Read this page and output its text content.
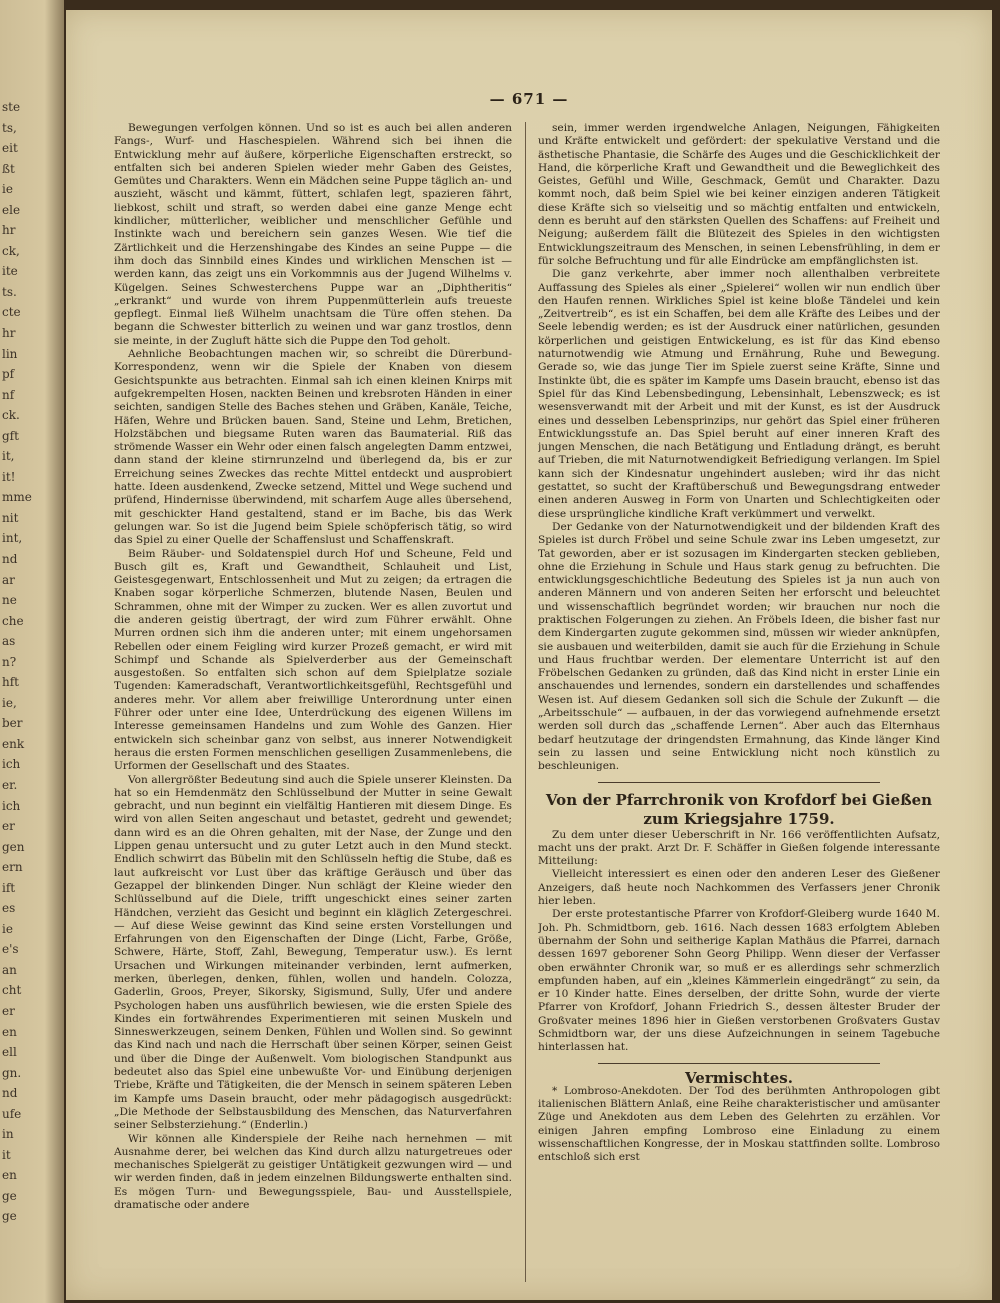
ste
ts,
eit
ßt
ie
ele
hr
ck,
ite
ts.
cte
hr
lin
pf
nf
ck.
gft
it,
it!
mme
nit
int,
nd
ar
ne
che
as
n?
hft
ie,
ber
enk
ich
er.
ich
er
gen
ern
ift
es
ie
e's
an
cht
er
en
ell
gn.
nd
ufe
in
it
en
ge
ge
— 671 —

Bewegungen verfolgen können. Und so ist es auch bei allen anderen Fangs-, Wurf- und Haschespielen. Während sich bei ihnen die Entwicklung mehr auf äußere, körperliche Eigenschaften erstreckt, so entfalten sich bei anderen Spielen wieder mehr Gaben des Geistes, Gemütes und Charakters. Wenn ein Mädchen seine Puppe täglich an- und auszieht, wäscht und kämmt, füttert, schlafen legt, spazieren fährt, liebkost, schilt und straft, so werden dabei eine ganze Menge echt kindlicher, mütterlicher, weiblicher und menschlicher Gefühle und Instinkte wach und bereichern sein ganzes Wesen. Wie tief die Zärtlichkeit und die Herzenshingabe des Kindes an seine Puppe — die ihm doch das Sinnbild eines Kindes und wirklichen Menschen ist — werden kann, das zeigt uns ein Vorkommnis aus der Jugend Wilhelms v. Kügelgen. Seines Schwesterchens Puppe war an „Diphtheritis“ „erkrankt“ und wurde von ihrem Puppenmütterlein aufs treueste gepflegt. Einmal ließ Wilhelm unachtsam die Türe offen stehen. Da begann die Schwester bitterlich zu weinen und war ganz trostlos, denn sie meinte, in der Zugluft hätte sich die Puppe den Tod geholt.

Aehnliche Beobachtungen machen wir, so schreibt die Dürerbund-Korrespondenz, wenn wir die Spiele der Knaben von diesem Gesichtspunkte aus betrachten. Einmal sah ich einen kleinen Knirps mit aufgekrempelten Hosen, nackten Beinen und krebsroten Händen in einer seichten, sandigen Stelle des Baches stehen und Gräben, Kanäle, Teiche, Häfen, Wehre und Brücken bauen. Sand, Steine und Lehm, Bretichen, Holzstäbchen und biegsame Ruten waren das Baumaterial. Riß das strömende Wasser ein Wehr oder einen falsch angelegten Damm entzwei, dann stand der kleine stirnrunzelnd und überlegend da, bis er zur Erreichung seines Zweckes das rechte Mittel entdeckt und ausprobiert hatte. Ideen ausdenkend, Zwecke setzend, Mittel und Wege suchend und prüfend, Hindernisse überwindend, mit scharfem Auge alles übersehend, mit geschickter Hand gestaltend, stand er im Bache, bis das Werk gelungen war. So ist die Jugend beim Spiele schöpferisch tätig, so wird das Spiel zu einer Quelle der Schaffenslust und Schaffenskraft.

Beim Räuber- und Soldatenspiel durch Hof und Scheune, Feld und Busch gilt es, Kraft und Gewandtheit, Schlauheit und List, Geistesgegenwart, Entschlossenheit und Mut zu zeigen; da ertragen die Knaben sogar körperliche Schmerzen, blutende Nasen, Beulen und Schrammen, ohne mit der Wimper zu zucken. Wer es allen zuvortut und die anderen geistig übertragt, der wird zum Führer erwählt. Ohne Murren ordnen sich ihm die anderen unter; mit einem ungehorsamen Rebellen oder einem Feigling wird kurzer Prozeß gemacht, er wird mit Schimpf und Schande als Spielverderber aus der Gemeinschaft ausgestoßen. So entfalten sich schon auf dem Spielplatze soziale Tugenden: Kameradschaft, Verantwortlichkeitsgefühl, Rechtsgefühl und anderes mehr. Vor allem aber freiwillige Unterordnung unter einen Führer oder unter eine Idee, Unterdrückung des eigenen Willens im Interesse gemeinsamen Handelns und zum Wohle des Ganzen. Hier entwickeln sich scheinbar ganz von selbst, aus innerer Notwendigkeit heraus die ersten Formen menschlichen geselligen Zusammenlebens, die Urformen der Gesellschaft und des Staates.

Von allergrößter Bedeutung sind auch die Spiele unserer Kleinsten. Da hat so ein Hemdenmätz den Schlüsselbund der Mutter in seine Gewalt gebracht, und nun beginnt ein vielfältig Hantieren mit diesem Dinge. Es wird von allen Seiten angeschaut und betastet, gedreht und gewendet; dann wird es an die Ohren gehalten, mit der Nase, der Zunge und den Lippen genau untersucht und zu guter Letzt auch in den Mund steckt. Endlich schwirrt das Bübelin mit den Schlüsseln heftig die Stube, daß es laut aufkreischt vor Lust über das kräftige Geräusch und über das Gezappel der blinkenden Dinger. Nun schlägt der Kleine wieder den Schlüsselbund auf die Diele, trifft ungeschickt eines seiner zarten Händchen, verzieht das Gesicht und beginnt ein kläglich Zetergeschrei. — Auf diese Weise gewinnt das Kind seine ersten Vorstellungen und Erfahrungen von den Eigenschaften der Dinge (Licht, Farbe, Größe, Schwere, Härte, Stoff, Zahl, Bewegung, Temperatur usw.). Es lernt Ursachen und Wirkungen miteinander verbinden, lernt aufmerken, merken, überlegen, denken, fühlen, wollen und handeln. Colozza, Gaderlin, Groos, Preyer, Sikorsky, Sigismund, Sully, Ufer und andere Psychologen haben uns ausführlich bewiesen, wie die ersten Spiele des Kindes ein fortwährendes Experimentieren mit seinen Muskeln und Sinneswerkzeugen, seinem Denken, Fühlen und Wollen sind. So gewinnt das Kind nach und nach die Herrschaft über seinen Körper, seinen Geist und über die Dinge der Außenwelt. Vom biologischen Standpunkt aus bedeutet also das Spiel eine unbewußte Vor- und Einübung derjenigen Triebe, Kräfte und Tätigkeiten, die der Mensch in seinem späteren Leben im Kampfe ums Dasein braucht, oder mehr pädagogisch ausgedrückt: „Die Methode der Selbstausbildung des Menschen, das Naturverfahren seiner Selbsterziehung.“ (Enderlin.)

Wir können alle Kinderspiele der Reihe nach hernehmen — mit Ausnahme derer, bei welchen das Kind durch allzu naturgetreues oder mechanisches Spielgerät zu geistiger Untätigkeit gezwungen wird — und wir werden finden, daß in jedem einzelnen Bildungswerte enthalten sind. Es mögen Turn- und Bewegungsspiele, Bau- und Ausstellspiele, dramatische oder andere

sein, immer werden irgendwelche Anlagen, Neigungen, Fähigkeiten und Kräfte entwickelt und gefördert: der spekulative Verstand und die ästhetische Phantasie, die Schärfe des Auges und die Geschicklichkeit der Hand, die körperliche Kraft und Gewandtheit und die Beweglichkeit des Geistes, Gefühl und Wille, Geschmack, Gemüt und Charakter. Dazu kommt noch, daß beim Spiel wie bei keiner einzigen anderen Tätigkeit diese Kräfte sich so vielseitig und so mächtig entfalten und entwickeln, denn es beruht auf den stärksten Quellen des Schaffens: auf Freiheit und Neigung; außerdem fällt die Blütezeit des Spieles in den wichtigsten Entwicklungszeitraum des Menschen, in seinen Lebensfrühling, in dem er für solche Befruchtung und für alle Eindrücke am empfänglichsten ist.

Die ganz verkehrte, aber immer noch allenthalben verbreitete Auffassung des Spieles als einer „Spielerei“ wollen wir nun endlich über den Haufen rennen. Wirkliches Spiel ist keine bloße Tändelei und kein „Zeitvertreib“, es ist ein Schaffen, bei dem alle Kräfte des Leibes und der Seele lebendig werden; es ist der Ausdruck einer natürlichen, gesunden körperlichen und geistigen Entwickelung, es ist für das Kind ebenso naturnotwendig wie Atmung und Ernährung, Ruhe und Bewegung. Gerade so, wie das junge Tier im Spiele zuerst seine Kräfte, Sinne und Instinkte übt, die es später im Kampfe ums Dasein braucht, ebenso ist das Spiel für das Kind Lebensbedingung, Lebensinhalt, Lebenszweck; es ist wesensverwandt mit der Arbeit und mit der Kunst, es ist der Ausdruck eines und desselben Lebensprinzips, nur gehört das Spiel einer früheren Entwicklungsstufe an. Das Spiel beruht auf einer inneren Kraft des jungen Menschen, die nach Betätigung und Entladung drängt, es beruht auf Trieben, die mit Naturnotwendigkeit Befriedigung verlangen. Im Spiel kann sich der Kindesnatur ungehindert ausleben; wird ihr das nicht gestattet, so sucht der Kraftüberschuß und Bewegungsdrang entweder einen anderen Ausweg in Form von Unarten und Schlechtigkeiten oder diese ursprüngliche kindliche Kraft verkümmert und verwelkt.

Der Gedanke von der Naturnotwendigkeit und der bildenden Kraft des Spieles ist durch Fröbel und seine Schule zwar ins Leben umgesetzt, zur Tat geworden, aber er ist sozusagen im Kindergarten stecken geblieben, ohne die Erziehung in Schule und Haus stark genug zu befruchten. Die entwicklungsgeschichtliche Bedeutung des Spieles ist ja nun auch von anderen Männern und von anderen Seiten her erforscht und beleuchtet und wissenschaftlich begründet worden; wir brauchen nur noch die praktischen Folgerungen zu ziehen. An Fröbels Ideen, die bisher fast nur dem Kindergarten zugute gekommen sind, müssen wir wieder anknüpfen, sie ausbauen und weiterbilden, damit sie auch für die Erziehung in Schule und Haus fruchtbar werden. Der elementare Unterricht ist auf den Fröbelschen Gedanken zu gründen, daß das Kind nicht in erster Linie ein anschauendes und lernendes, sondern ein darstellendes und schaffendes Wesen ist. Auf diesem Gedanken soll sich die Schule der Zukunft — die „Arbeitsschule“ — aufbauen, in der das vorwiegend aufnehmende ersetzt werden soll durch das „schaffende Lernen“. Aber auch das Elternhaus bedarf heutzutage der dringendsten Ermahnung, das Kinde länger Kind sein zu lassen und seine Entwicklung nicht noch künstlich zu beschleunigen.

Von der Pfarrchronik von Krofdorf bei Gießen zum Kriegsjahre 1759.

Zu dem unter dieser Ueberschrift in Nr. 166 veröffentlichten Aufsatz, macht uns der prakt. Arzt Dr. F. Schäffer in Gießen folgende interessante Mitteilung:

Vielleicht interessiert es einen oder den anderen Leser des Gießener Anzeigers, daß heute noch Nachkommen des Verfassers jener Chronik hier leben.

Der erste protestantische Pfarrer von Krofdorf-Gleiberg wurde 1640 M. Joh. Ph. Schmidtborn, geb. 1616. Nach dessen 1683 erfolgtem Ableben übernahm der Sohn und seitherige Kaplan Mathäus die Pfarrei, darnach dessen 1697 geborener Sohn Georg Philipp. Wenn dieser der Verfasser oben erwähnter Chronik war, so muß er es allerdings sehr schmerzlich empfunden haben, auf ein „kleines Kämmerlein eingedrängt“ zu sein, da er 10 Kinder hatte. Eines derselben, der dritte Sohn, wurde der vierte Pfarrer von Krofdorf, Johann Friedrich S., dessen ältester Bruder der Großvater meines 1896 hier in Gießen verstorbenen Großvaters Gustav Schmidtborn war, der uns diese Aufzeichnungen in seinem Tagebuche hinterlassen hat.

Vermischtes.

* Lombroso-Anekdoten. Der Tod des berühmten Anthropologen gibt italienischen Blättern Anlaß, eine Reihe charakteristischer und amüsanter Züge und Anekdoten aus dem Leben des Gelehrten zu erzählen. Vor einigen Jahren empfing Lombroso eine Einladung zu einem wissenschaftlichen Kongresse, der in Moskau stattfinden sollte. Lombroso entschloß sich erst
